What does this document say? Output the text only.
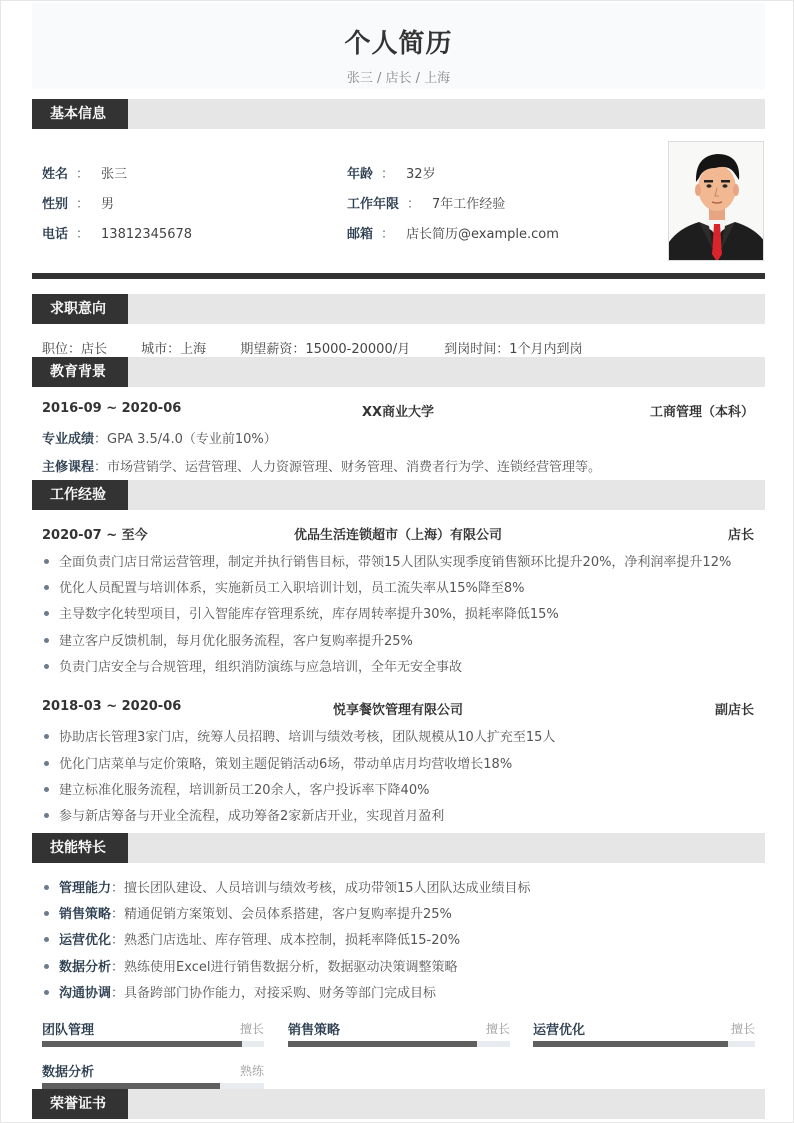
个人简历
张三 / 店长 / 上海
基本信息
姓名 ： 张三
性别 ： 男
电话 ： 13812345678
年龄 ： 32岁
工作年限 ： 7年工作经验
邮箱 ： 店长简历@example.com
求职意向
职位：店长	城市：上海	期望薪资：15000-20000/月	到岗时间：1个月内到岗
教育背景
XX商业大学
2016-09 ~ 2020-06	工商管理（本科）
专业成绩：GPA 3.5/4.0（专业前10%）
主修课程：市场营销学、运营管理、人力资源管理、财务管理、消费者行为学、连锁经营管理等。
工作经验
优品生活连锁超市（上海）有限公司
2020-07 ~ 至今	店长
全面负责门店日常运营管理，制定并执行销售目标，带领15人团队实现季度销售额环比提升20%，净利润率提升12%
优化人员配置与培训体系，实施新员工入职培训计划，员工流失率从15%降至8%
主导数字化转型项目，引入智能库存管理系统，库存周转率提升30%，损耗率降低15%
建立客户反馈机制，每月优化服务流程，客户复购率提升25%
负责门店安全与合规管理，组织消防演练与应急培训，全年无安全事故
悦享餐饮管理有限公司
2018-03 ~ 2020-06	副店长
协助店长管理3家门店，统筹人员招聘、培训与绩效考核，团队规模从10人扩充至15人
优化门店菜单与定价策略，策划主题促销活动6场，带动单店月均营收增长18%
建立标准化服务流程，培训新员工20余人，客户投诉率下降40%
参与新店筹备与开业全流程，成功筹备2家新店开业，实现首月盈利
技能特长
管理能力：擅长团队建设、人员培训与绩效考核，成功带领15人团队达成业绩目标
销售策略：精通促销方案策划、会员体系搭建，客户复购率提升25%
运营优化：熟悉门店选址、库存管理、成本控制，损耗率降低15-20%
数据分析：熟练使用Excel进行销售数据分析，数据驱动决策调整策略
沟通协调：具备跨部门协作能力，对接采购、财务等部门完成目标
团队管理	擅长 销售策略	擅长 运营优化	擅长
数据分析	熟练
荣誉证书
